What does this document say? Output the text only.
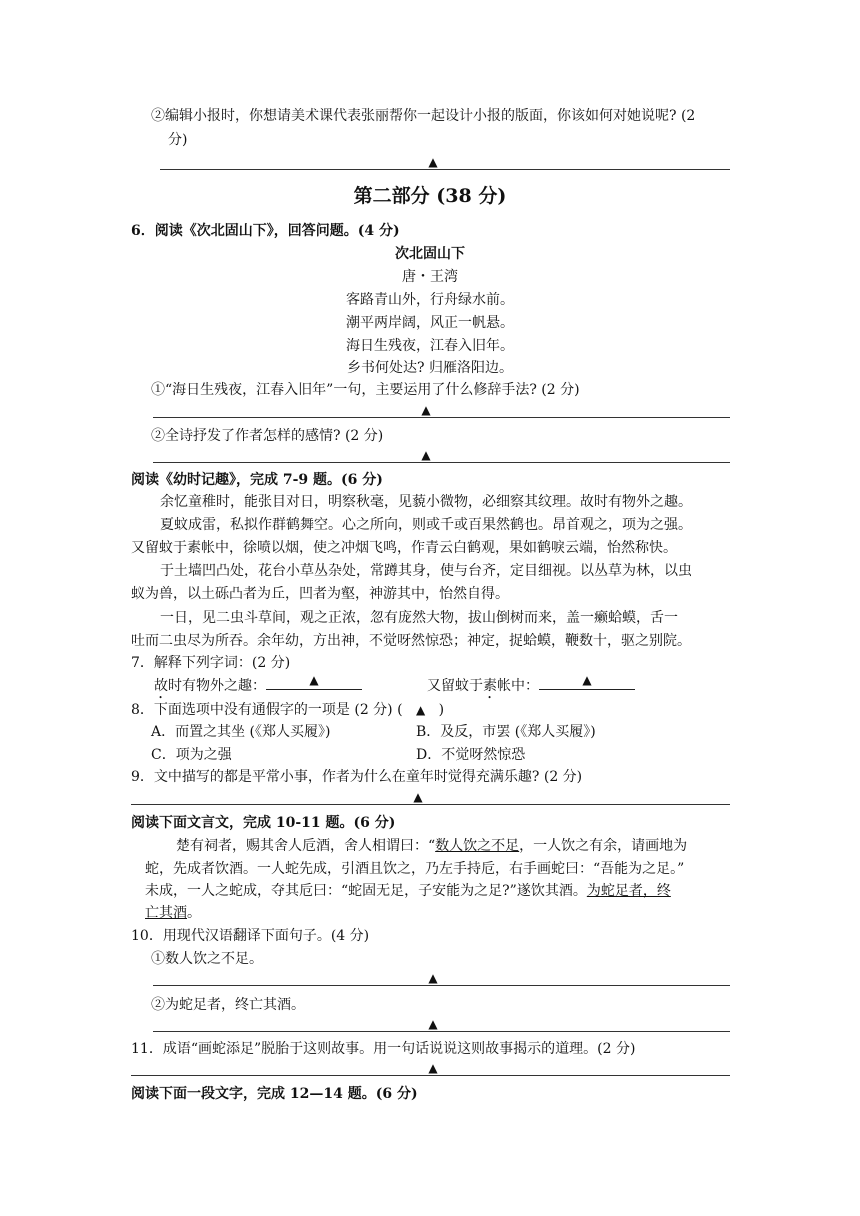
②编辑小报时，你想请美术课代表张丽帮你一起设计小报的版面，你该如何对她说呢? (2
分)
▲
第二部分 (38 分)
6．阅读《次北固山下》，回答问题。(4 分)
次北固山下
唐・王湾
客路青山外，行舟绿水前。
潮平两岸阔，风正一帆悬。
海日生残夜，江春入旧年。
乡书何处达? 归雁洛阳边。
①“海日生残夜，江春入旧年”一句，主要运用了什么修辞手法? (2 分)
▲
②全诗抒发了作者怎样的感情? (2 分)
▲
阅读《幼时记趣》，完成 7-9 题。(6 分)
余忆童稚时，能张目对日，明察秋毫，见藐小微物，必细察其纹理。故时有物外之趣。
夏蚊成雷，私拟作群鹤舞空。心之所向，则或千或百果然鹤也。昂首观之，项为之强。
又留蚊于素帐中，徐喷以烟，使之冲烟飞鸣，作青云白鹤观，果如鹤唳云端，怡然称快。
于土墙凹凸处，花台小草丛杂处，常蹲其身，使与台齐，定目细视。以丛草为林，以虫
蚁为兽，以土砾凸者为丘，凹者为壑，神游其中，怡然自得。
一日，见二虫斗草间，观之正浓，忽有庞然大物，拔山倒树而来，盖一癞蛤蟆，舌一
吐而二虫尽为所吞。余年幼，方出神，不觉呀然惊恐；神定，捉蛤蟆，鞭数十，驱之别院。
7．解释下列字词：(2 分)
故时有物外之趣：	▲	又留蚊于素帐中：	▲
8．下面选项中没有通假字的一项是 (2 分) ( ▲ )
A．而置之其坐 (《郑人买履》)	B．及反，市罢 (《郑人买履》)
C．项为之强	D．不觉呀然惊恐
9．文中描写的都是平常小事，作者为什么在童年时觉得充满乐趣? (2 分)
▲
阅读下面文言文，完成 10-11 题。(6 分)
楚有祠者，赐其舍人卮酒，舍人相谓曰：“数人饮之不足，一人饮之有余，请画地为
蛇，先成者饮酒。一人蛇先成，引酒且饮之，乃左手持卮，右手画蛇曰：“吾能为之足。”
未成，一人之蛇成，夺其卮曰：“蛇固无足，子安能为之足?”遂饮其酒。为蛇足者，终
亡其酒。
10．用现代汉语翻译下面句子。(4 分)
①数人饮之不足。
▲
②为蛇足者，终亡其酒。
▲
11．成语“画蛇添足”脱胎于这则故事。用一句话说说这则故事揭示的道理。(2 分)
▲
阅读下面一段文字，完成 12—14 题。(6 分)
